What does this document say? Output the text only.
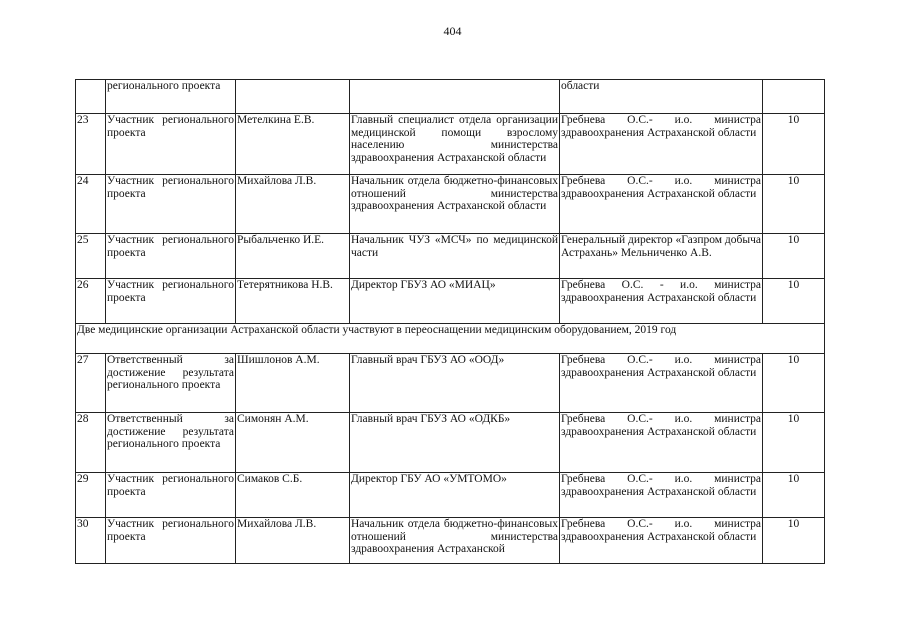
404
	регионального проекта			области	
23	Участник регионального проекта	Метелкина Е.В.	Главный специалист отдела организации медицинской помощи взрослому населению министерства здравоохранения Астраханской области	Гребнева О.С.- и.о. министра здравоохранения Астраханской области	10
24	Участник регионального проекта	Михайлова Л.В.	Начальник отдела бюджетно-финансовых отношений министерства здравоохранения Астраханской области	Гребнева О.С.- и.о. министра здравоохранения Астраханской области	10
25	Участник регионального проекта	Рыбальченко И.Е.	Начальник ЧУЗ «МСЧ» по медицинской части	Генеральный директор «Газпром добыча Астрахань» Мельниченко А.В.	10
26	Участник регионального проекта	Тетерятникова Н.В.	Директор ГБУЗ АО «МИАЦ»	Гребнева О.С. - и.о. министра здравоохранения Астраханской области	10
Две медицинские организации Астраханской области участвуют в переоснащении медицинским оборудованием, 2019 год					
27	Ответственный за достижение результата регионального проекта	Шишлонов А.М.	Главный врач ГБУЗ АО «ООД»	Гребнева О.С.- и.о. министра здравоохранения Астраханской области	10
28	Ответственный за достижение результата регионального проекта	Симонян А.М.	Главный врач ГБУЗ АО «ОДКБ»	Гребнева О.С.- и.о. министра здравоохранения Астраханской области	10
29	Участник регионального проекта	Симаков С.Б.	Директор ГБУ АО «УМТОМО»	Гребнева О.С.- и.о. министра здравоохранения Астраханской области	10
30	Участник регионального проекта	Михайлова Л.В.	Начальник отдела бюджетно-финансовых отношений министерства здравоохранения Астраханской	Гребнева О.С.- и.о. министра здравоохранения Астраханской области	10
